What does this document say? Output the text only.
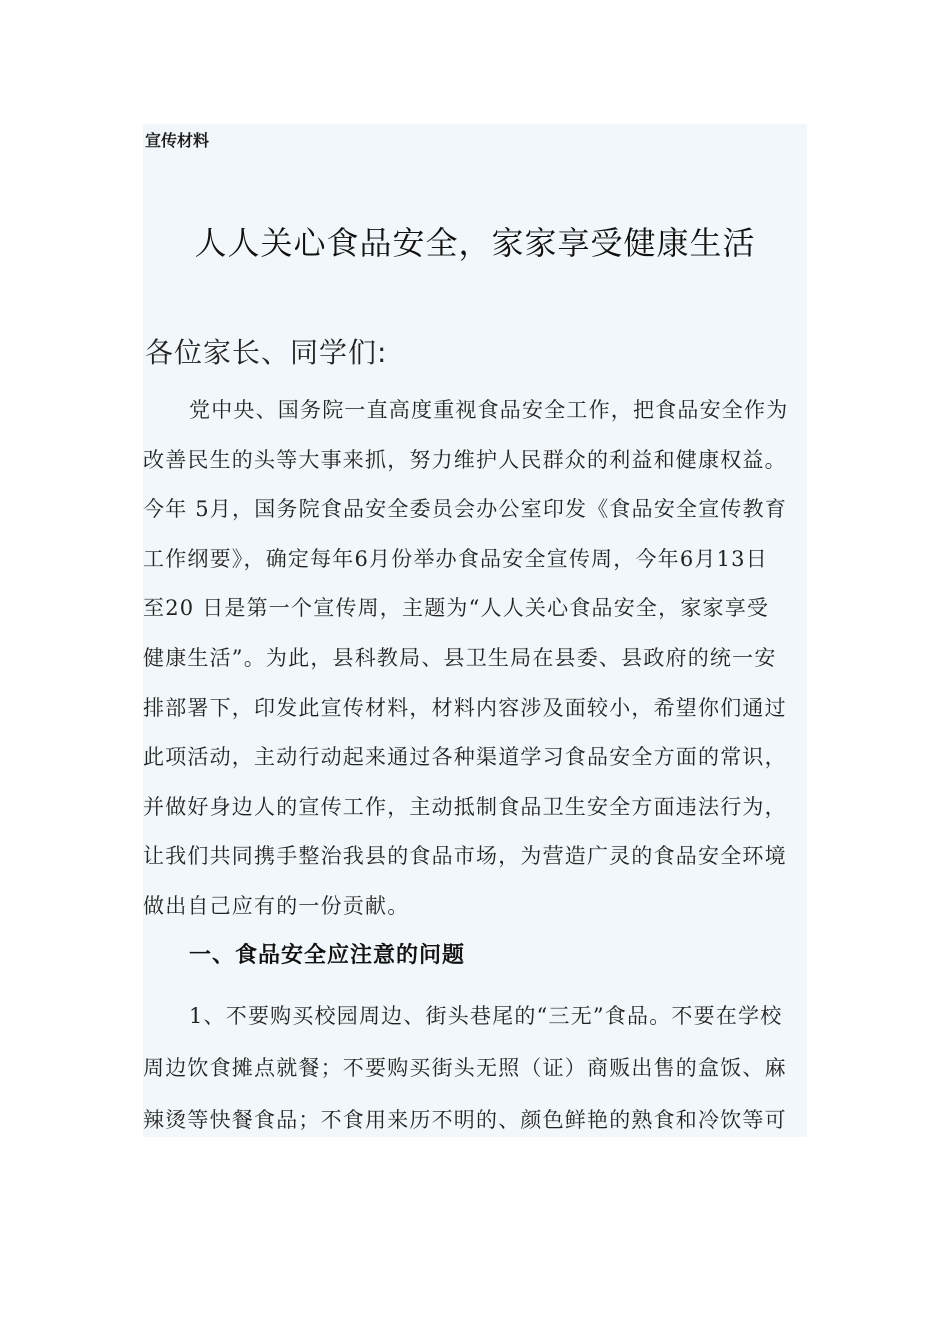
宣传材料
人人关心食品安全，家家享受健康生活
各位家长、同学们:
党中央、国务院一直高度重视食品安全工作，把食品安全作为
改善民生的头等大事来抓，努力维护人民群众的利益和健康权益。
今年 5月，国务院食品安全委员会办公室印发《食品安全宣传教育
工作纲要》，确定每年6月份举办食品安全宣传周，今年6月13日
至20 日是第一个宣传周，主题为“人人关心食品安全，家家享受
健康生活”。为此，县科教局、县卫生局在县委、县政府的统一安
排部署下，印发此宣传材料，材料内容涉及面较小，希望你们通过
此项活动，主动行动起来通过各种渠道学习食品安全方面的常识，
并做好身边人的宣传工作，主动抵制食品卫生安全方面违法行为，
让我们共同携手整治我县的食品市场，为营造广灵的食品安全环境
做出自己应有的一份贡献。
一、食品安全应注意的问题
1、不要购买校园周边、街头巷尾的“三无”食品。不要在学校
周边饮食摊点就餐；不要购买街头无照（证）商贩出售的盒饭、麻
辣烫等快餐食品；不食用来历不明的、颜色鲜艳的熟食和冷饮等可
